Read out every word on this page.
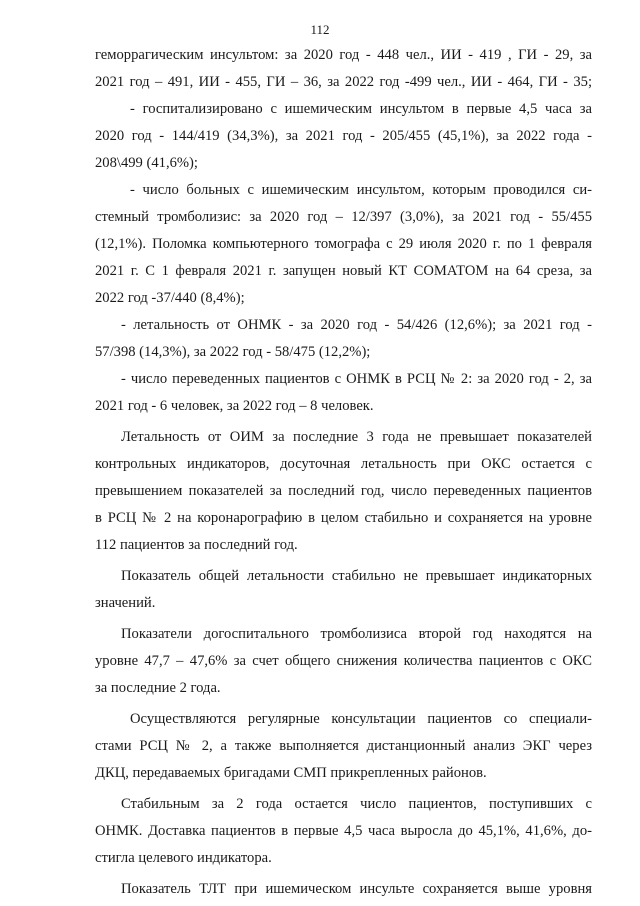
112
геморрагическим инсультом: за 2020 год - 448 чел., ИИ - 419 , ГИ - 29, за
2021 год – 491, ИИ - 455, ГИ – 36, за 2022 год -499 чел., ИИ - 464, ГИ - 35;
- госпитализировано с ишемическим инсультом в первые 4,5 часа за
2020 год - 144/419 (34,3%), за 2021 год - 205/455 (45,1%), за 2022 года -
208\499 (41,6%);
- число больных с ишемическим инсультом, которым проводился си-
стемный тромболизис: за 2020 год – 12/397 (3,0%), за 2021 год - 55/455
(12,1%). Поломка компьютерного томографа с 29 июля 2020 г. по 1 февраля
2021 г. С 1 февраля 2021 г. запущен новый КТ СОМАТОМ на 64 среза, за
2022 год -37/440 (8,4%);
- летальность от ОНМК - за 2020 год - 54/426 (12,6%); за 2021 год -
57/398 (14,3%), за 2022 год - 58/475 (12,2%);
- число переведенных пациентов с ОНМК в РСЦ № 2: за 2020 год - 2, за
2021 год - 6 человек, за 2022 год – 8 человек.
Летальность от ОИМ за последние 3 года не превышает показателей
контрольных индикаторов, досуточная летальность при ОКС остается с
превышением показателей за последний год, число переведенных пациентов
в РСЦ № 2 на коронарографию в целом стабильно и сохраняется на уровне
112 пациентов за последний год.
Показатель общей летальности стабильно не превышает индикаторных
значений.
Показатели догоспитального тромболизиса второй год находятся на
уровне 47,7 – 47,6% за счет общего снижения количества пациентов с ОКС
за последние 2 года.
Осуществляются регулярные консультации пациентов со специали-
стами РСЦ № 2, а также выполняется дистанционный анализ ЭКГ через
ДКЦ, передаваемых бригадами СМП прикрепленных районов.
Стабильным за 2 года остается число пациентов, поступивших с
ОНМК. Доставка пациентов в первые 4,5 часа выросла до 45,1%, 41,6%, до-
стигла целевого индикатора.
Показатель ТЛТ при ишемическом инсульте сохраняется выше уровня
